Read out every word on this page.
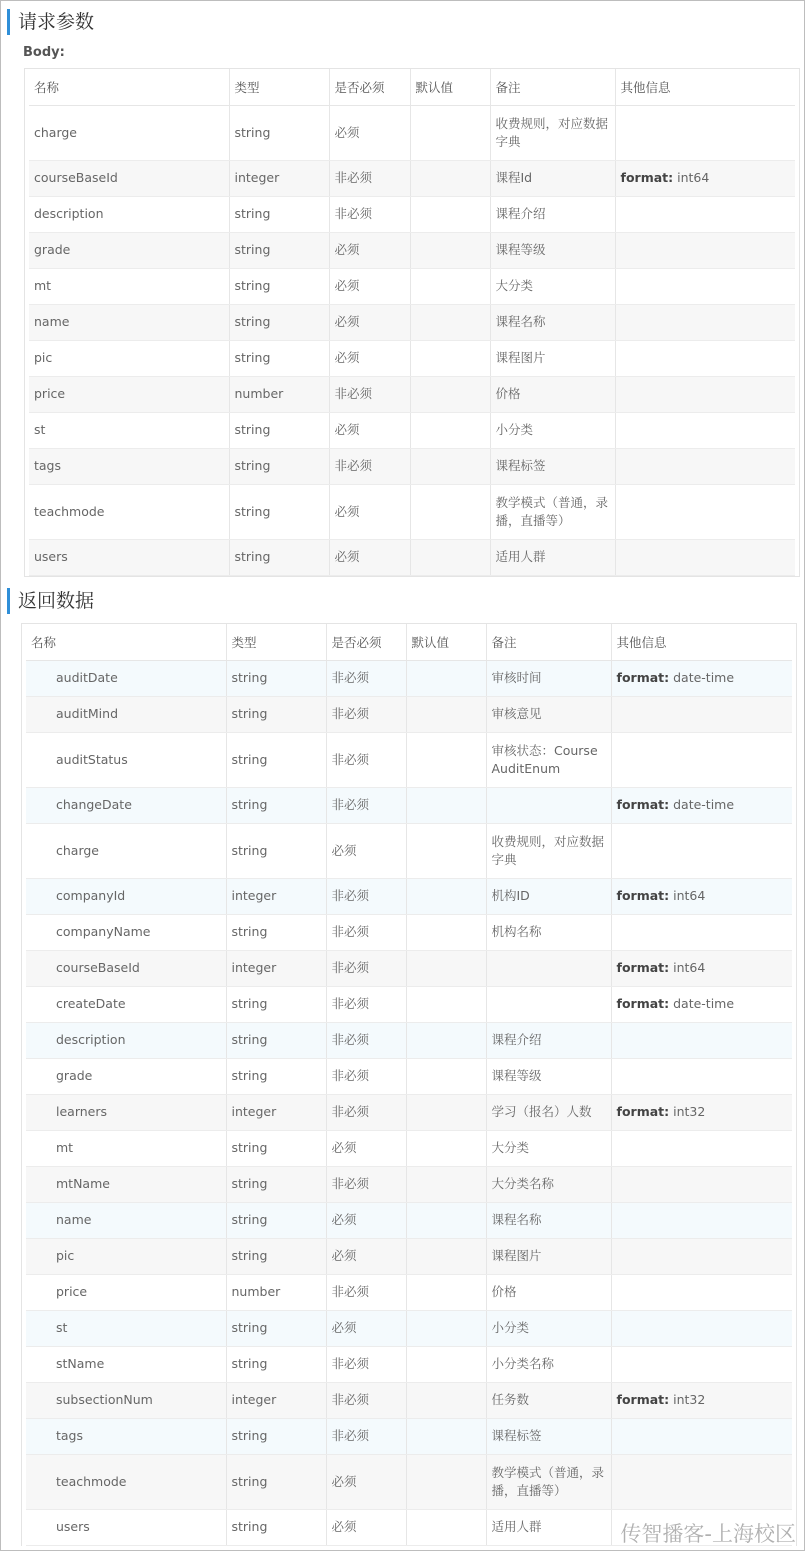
请求参数
Body:
名称	类型	是否必须	默认值	备注	其他信息
charge	string	必须		收费规则，对应数据字典	
courseBaseId	integer	非必须		课程Id	format: int64
description	string	非必须		课程介绍	
grade	string	必须		课程等级	
mt	string	必须		大分类	
name	string	必须		课程名称	
pic	string	必须		课程图片	
price	number	非必须		价格	
st	string	必须		小分类	
tags	string	非必须		课程标签	
teachmode	string	必须		教学模式（普通，录播，直播等）	
users	string	必须		适用人群	
返回数据
名称	类型	是否必须	默认值	备注	其他信息
auditDate	string	非必须		审核时间	format: date-time
auditMind	string	非必须		审核意见	
auditStatus	string	非必须		审核状态：CourseAuditEnum	
changeDate	string	非必须			format: date-time
charge	string	必须		收费规则，对应数据字典	
companyId	integer	非必须		机构ID	format: int64
companyName	string	非必须		机构名称	
courseBaseId	integer	非必须			format: int64
createDate	string	非必须			format: date-time
description	string	非必须		课程介绍	
grade	string	非必须		课程等级	
learners	integer	非必须		学习（报名）人数	format: int32
mt	string	必须		大分类	
mtName	string	非必须		大分类名称	
name	string	必须		课程名称	
pic	string	必须		课程图片	
price	number	非必须		价格	
st	string	必须		小分类	
stName	string	非必须		小分类名称	
subsectionNum	integer	非必须		任务数	format: int32
tags	string	非必须		课程标签	
teachmode	string	必须		教学模式（普通，录播，直播等）	
users	string	必须		适用人群		传智播客-上海校区
